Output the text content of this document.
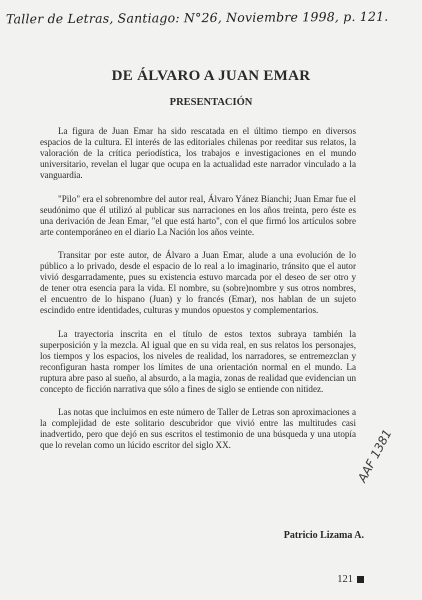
Taller de Letras, Santiago: N°26, Noviembre 1998, p. 121.
DE ÁLVARO A JUAN EMAR
PRESENTACIÓN

La figura de Juan Emar ha sido rescatada en el último tiempo en diversos espacios de la cultura. El interés de las editoriales chilenas por reeditar sus relatos, la valoración de la crítica periodística, los trabajos e investigaciones en el mundo universitario, revelan el lugar que ocupa en la actualidad este narrador vinculado a la vanguardia.

"Pilo" era el sobrenombre del autor real, Álvaro Yánez Bianchi; Juan Emar fue el seudónimo que él utilizó al publicar sus narraciones en los años treinta, pero éste es una derivación de Jean Emar, "el que está harto", con el que firmó los artículos sobre arte contemporáneo en el diario La Nación los años veinte.

Transitar por este autor, de Álvaro a Juan Emar, alude a una evolución de lo público a lo privado, desde el espacio de lo real a lo imaginario, tránsito que el autor vivió desgarradamente, pues su existencia estuvo marcada por el deseo de ser otro y de tener otra esencia para la vida. El nombre, su (sobre)nombre y sus otros nombres, el encuentro de lo hispano (Juan) y lo francés (Emar), nos hablan de un sujeto escindido entre identidades, culturas y mundos opuestos y complementarios.

La trayectoria inscrita en el título de estos textos subraya también la superposición y la mezcla. Al igual que en su vida real, en sus relatos los personajes, los tiempos y los espacios, los niveles de realidad, los narradores, se entremezclan y reconfiguran hasta romper los límites de una orientación normal en el mundo. La ruptura abre paso al sueño, al absurdo, a la magia, zonas de realidad que evidencian un concepto de ficción narrativa que sólo a fines de siglo se entiende con nitidez.

Las notas que incluimos en este número de Taller de Letras son aproximaciones a la complejidad de este solitario descubridor que vivió entre las multitudes casi inadvertido, pero que dejó en sus escritos el testimonio de una búsqueda y una utopía que lo revelan como un lúcido escritor del siglo XX.

Patricio Lizama A.
AAF 1381
121
